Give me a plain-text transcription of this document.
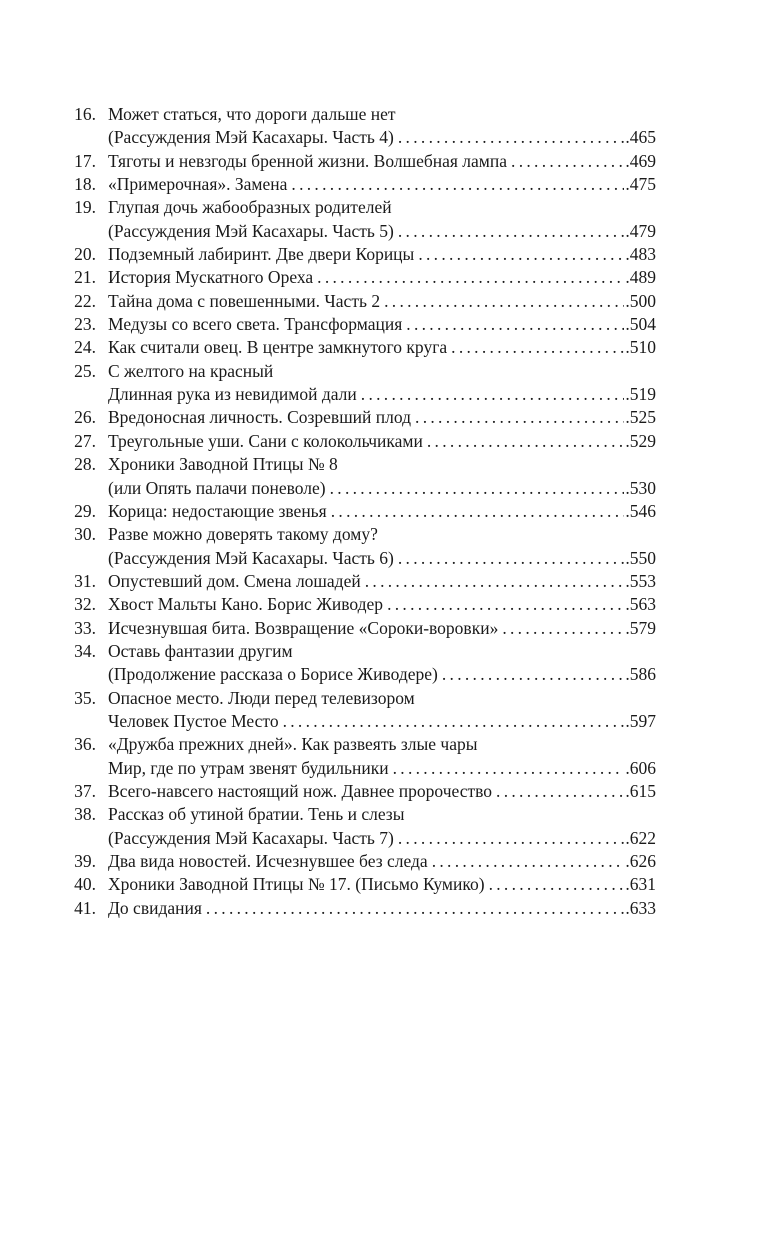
16. Может статься, что дороги дальше нет
(Рассуждения Мэй Касахары. Часть 4) .....	.465
17. Тяготы и невзгоды бренной жизни. Волшебная лампа .....	.469
18. «Примерочная». Замена .....	.475
19. Глупая дочь жабообразных родителей
(Рассуждения Мэй Касахары. Часть 5) .....	.479
20. Подземный лабиринт. Две двери Корицы .....	.483
21. История Мускатного Ореха .....	.489
22. Тайна дома с повешенными. Часть 2 .....	.500
23. Медузы со всего света. Трансформация .....	.504
24. Как считали овец. В центре замкнутого круга .....	.510
25. С желтого на красный
Длинная рука из невидимой дали .....	.519
26. Вредоносная личность. Созревший плод .....	.525
27. Треугольные уши. Сани с колокольчиками .....	.529
28. Хроники Заводной Птицы № 8
(или Опять палачи поневоле) .....	.530
29. Корица: недостающие звенья .....	.546
30. Разве можно доверять такому дому?
(Рассуждения Мэй Касахары. Часть 6) .....	.550
31. Опустевший дом. Смена лошадей .....	.553
32. Хвост Мальты Кано. Борис Живодер .....	.563
33. Исчезнувшая бита. Возвращение «Сороки-воровки» .....	.579
34. Оставь фантазии другим
(Продолжение рассказа о Борисе Живодере) .....	.586
35. Опасное место. Люди перед телевизором
Человек Пустое Место .....	.597
36. «Дружба прежних дней». Как развеять злые чары
Мир, где по утрам звенят будильники .....	.606
37. Всего-навсего настоящий нож. Давнее пророчество .....	.615
38. Рассказ об утиной братии. Тень и слезы
(Рассуждения Мэй Касахары. Часть 7) .....	.622
39. Два вида новостей. Исчезнувшее без следа .....	.626
40. Хроники Заводной Птицы № 17. (Письмо Кумико) .....	.631
41. До свидания .....	.633
